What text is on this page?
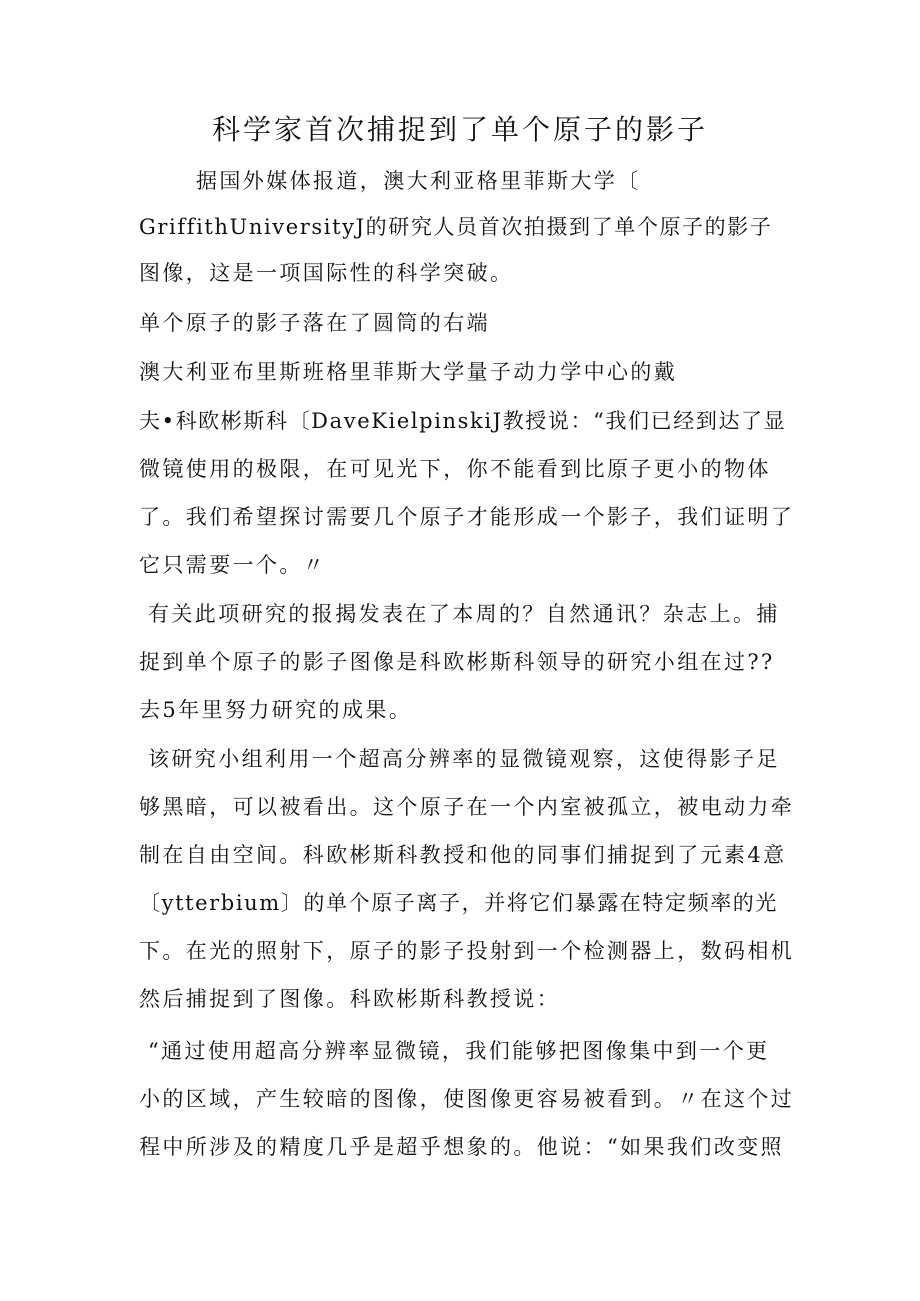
科学家首次捕捉到了单个原子的影子

据国外媒体报道，澳大利亚格里菲斯大学〔

GriffithUniversityJ的研究人员首次拍摄到了单个原子的影子

图像，这是一项国际性的科学突破。

单个原子的影子落在了圆筒的右端

澳大利亚布里斯班格里菲斯大学量子动力学中心的戴

夫•科欧彬斯科〔DaveKielpinskiJ教授说：“我们已经到达了显

微镜使用的极限，在可见光下，你不能看到比原子更小的物体

了。我们希望探讨需要几个原子才能形成一个影子，我们证明了

它只需要一个。〃

有关此项研究的报揭发表在了本周的？自然通讯？杂志上。捕

捉到单个原子的影子图像是科欧彬斯科领导的研究小组在过??

去5年里努力研究的成果。

该研究小组利用一个超高分辨率的显微镜观察，这使得影子足

够黑暗，可以被看出。这个原子在一个内室被孤立，被电动力牵

制在自由空间。科欧彬斯科教授和他的同事们捕捉到了元素4意

〔ytterbium〕的单个原子离子，并将它们暴露在特定频率的光

下。在光的照射下，原子的影子投射到一个检测器上，数码相机

然后捕捉到了图像。科欧彬斯科教授说：

“通过使用超高分辨率显微镜，我们能够把图像集中到一个更

小的区域，产生较暗的图像，使图像更容易被看到。〃在这个过

程中所涉及的精度几乎是超乎想象的。他说：“如果我们改变照
